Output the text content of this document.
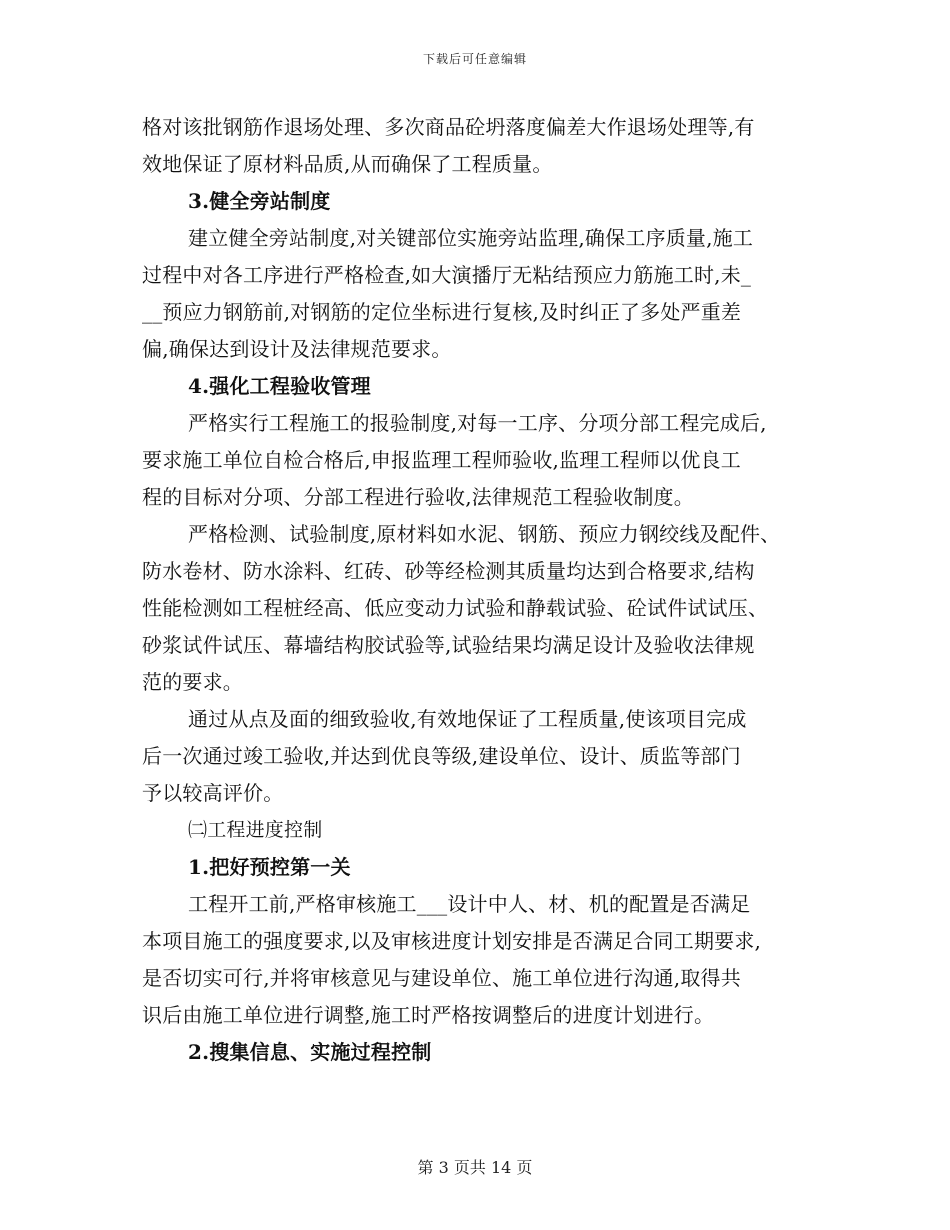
下载后可任意编辑
格对该批钢筋作退场处理、多次商品砼坍落度偏差大作退场处理等,有
效地保证了原材料品质,从而确保了工程质量。
3.健全旁站制度
建立健全旁站制度,对关键部位实施旁站监理,确保工序质量,施工
过程中对各工序进行严格检查,如大演播厅无粘结预应力筋施工时,未_
__预应力钢筋前,对钢筋的定位坐标进行复核,及时纠正了多处严重差
偏,确保达到设计及法律规范要求。
4.强化工程验收管理
严格实行工程施工的报验制度,对每一工序、分项分部工程完成后,
要求施工单位自检合格后,申报监理工程师验收,监理工程师以优良工
程的目标对分项、分部工程进行验收,法律规范工程验收制度。
严格检测、试验制度,原材料如水泥、钢筋、预应力钢绞线及配件、
防水卷材、防水涂料、红砖、砂等经检测其质量均达到合格要求,结构
性能检测如工程桩经高、低应变动力试验和静载试验、砼试件试试压、
砂浆试件试压、幕墙结构胶试验等,试验结果均满足设计及验收法律规
范的要求。
通过从点及面的细致验收,有效地保证了工程质量,使该项目完成
后一次通过竣工验收,并达到优良等级,建设单位、设计、质监等部门
予以较高评价。
㈡工程进度控制
1.把好预控第一关
工程开工前,严格审核施工___设计中人、材、机的配置是否满足
本项目施工的强度要求,以及审核进度计划安排是否满足合同工期要求,
是否切实可行,并将审核意见与建设单位、施工单位进行沟通,取得共
识后由施工单位进行调整,施工时严格按调整后的进度计划进行。
2.搜集信息、实施过程控制
第 3 页共 14 页
